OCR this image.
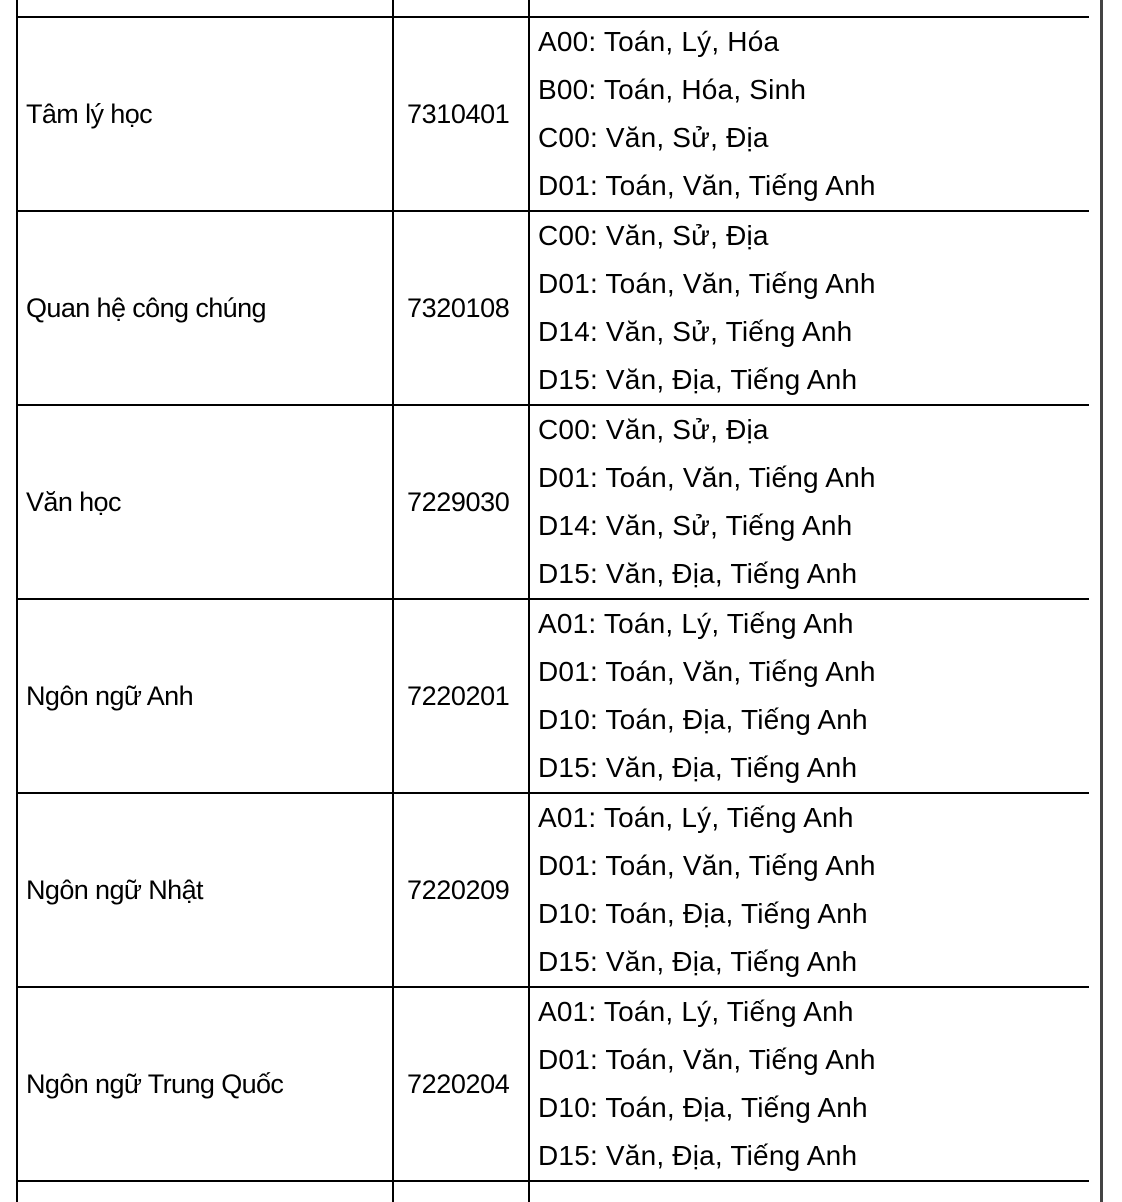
Tâm lý học	7310401	A00: Toán, Lý, Hóa
B00: Toán, Hóa, Sinh
C00: Văn, Sử, Địa
D01: Toán, Văn, Tiếng Anh

Quan hệ công chúng	7320108	C00: Văn, Sử, Địa
D01: Toán, Văn, Tiếng Anh
D14: Văn, Sử, Tiếng Anh
D15: Văn, Địa, Tiếng Anh

Văn học	7229030	C00: Văn, Sử, Địa
D01: Toán, Văn, Tiếng Anh
D14: Văn, Sử, Tiếng Anh
D15: Văn, Địa, Tiếng Anh

Ngôn ngữ Anh	7220201	A01: Toán, Lý, Tiếng Anh
D01: Toán, Văn, Tiếng Anh
D10: Toán, Địa, Tiếng Anh
D15: Văn, Địa, Tiếng Anh

Ngôn ngữ Nhật	7220209	A01: Toán, Lý, Tiếng Anh
D01: Toán, Văn, Tiếng Anh
D10: Toán, Địa, Tiếng Anh
D15: Văn, Địa, Tiếng Anh

Ngôn ngữ Trung Quốc	7220204	A01: Toán, Lý, Tiếng Anh
D01: Toán, Văn, Tiếng Anh
D10: Toán, Địa, Tiếng Anh
D15: Văn, Địa, Tiếng Anh
